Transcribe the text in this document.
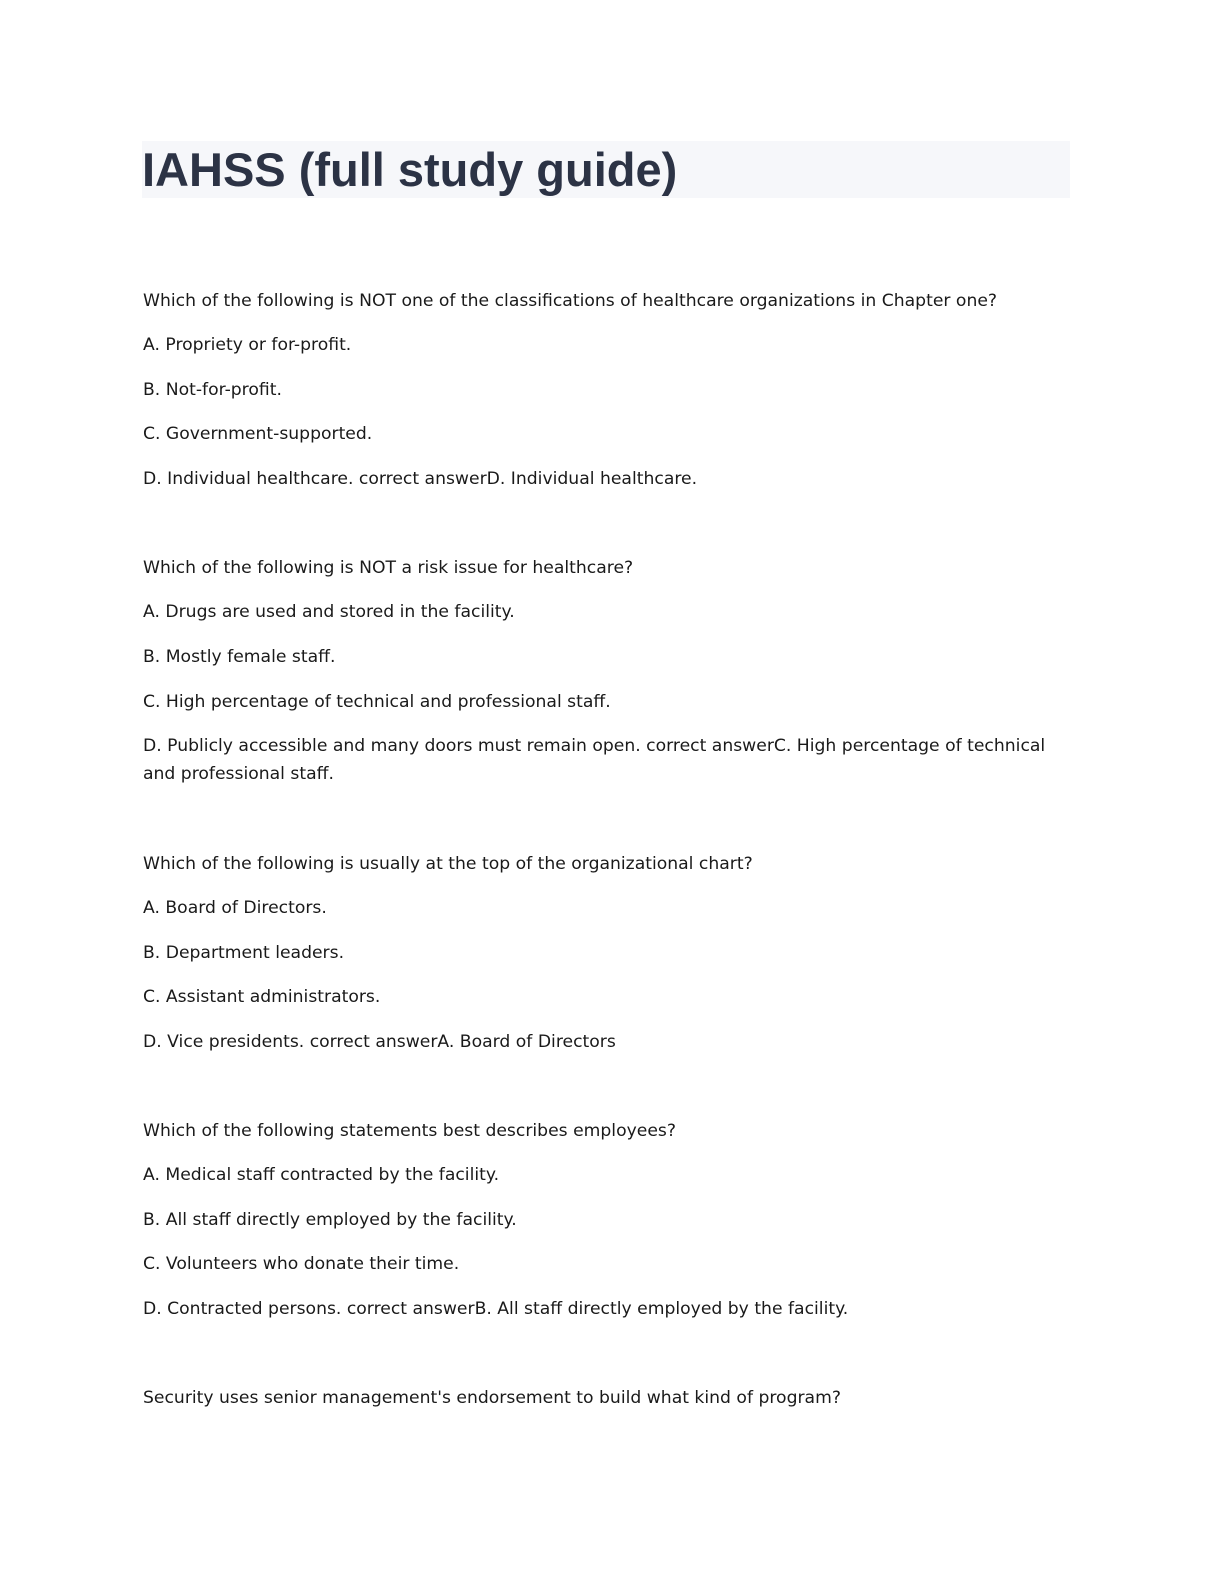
IAHSS (full study guide)

Which of the following is NOT one of the classifications of healthcare organizations in Chapter one?

A. Propriety or for-profit.

B. Not-for-profit.

C. Government-supported.

D. Individual healthcare. correct answerD. Individual healthcare.

Which of the following is NOT a risk issue for healthcare?

A. Drugs are used and stored in the facility.

B. Mostly female staff.

C. High percentage of technical and professional staff.

D. Publicly accessible and many doors must remain open. correct answerC. High percentage of technical and professional staff.

Which of the following is usually at the top of the organizational chart?

A. Board of Directors.

B. Department leaders.

C. Assistant administrators.

D. Vice presidents. correct answerA. Board of Directors

Which of the following statements best describes employees?

A. Medical staff contracted by the facility.

B. All staff directly employed by the facility.

C. Volunteers who donate their time.

D. Contracted persons. correct answerB. All staff directly employed by the facility.

Security uses senior management's endorsement to build what kind of program?
